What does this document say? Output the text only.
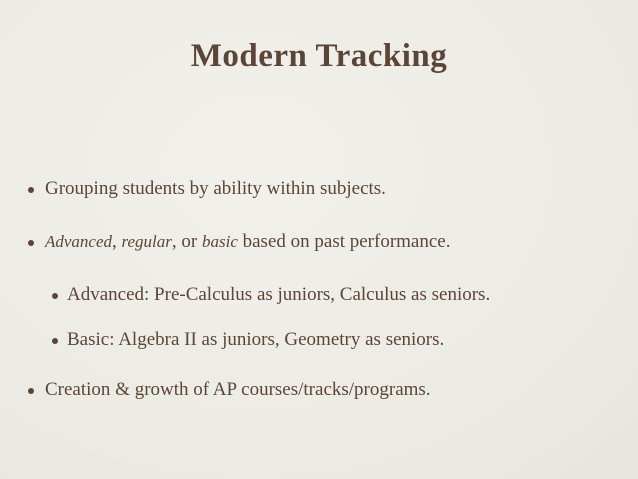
Modern Tracking
Grouping students by ability within subjects.
Advanced, regular, or basic based on past performance.
Advanced: Pre-Calculus as juniors, Calculus as seniors.
Basic: Algebra II as juniors, Geometry as seniors.
Creation & growth of AP courses/tracks/programs.
